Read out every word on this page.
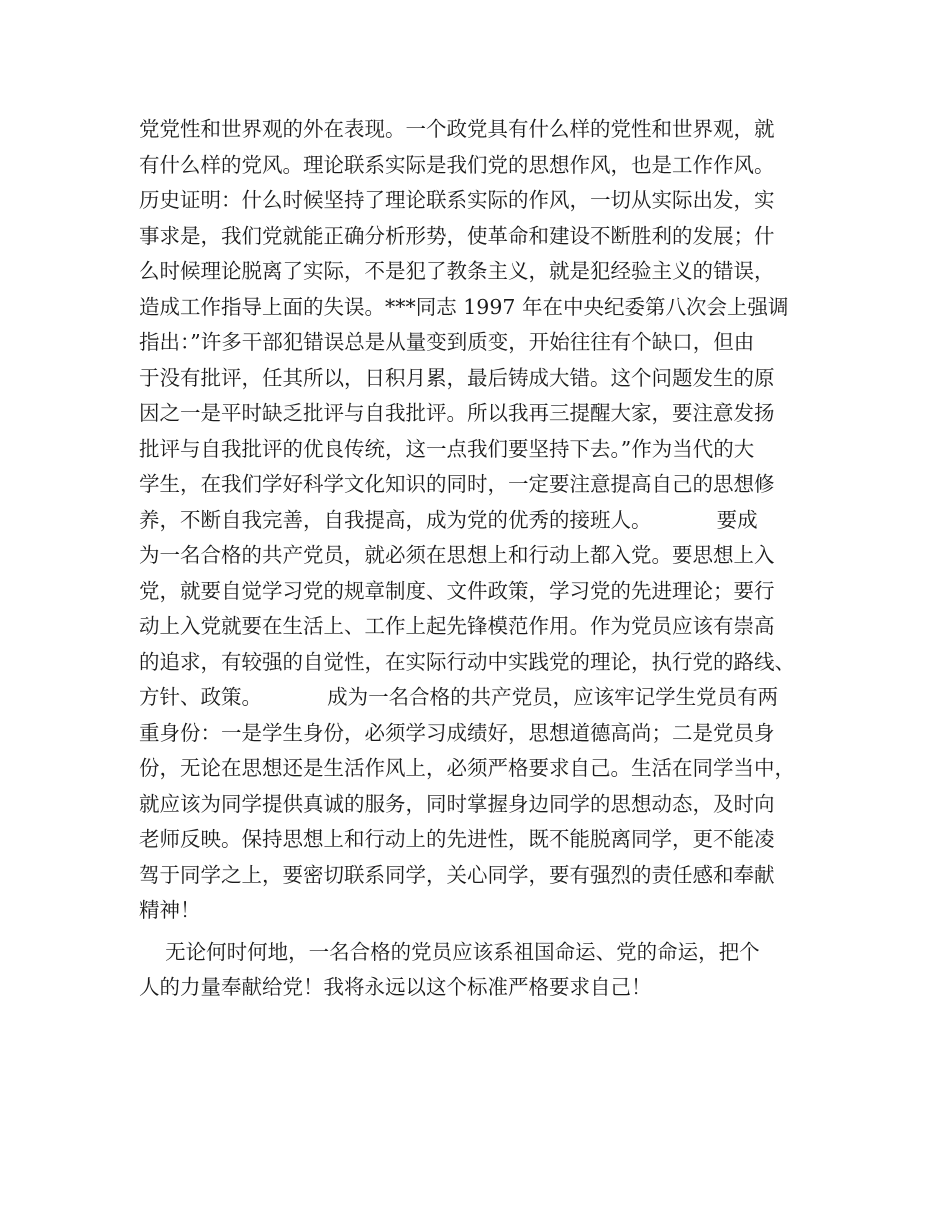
党党性和世界观的外在表现。一个政党具有什么样的党性和世界观，就
有什么样的党风。理论联系实际是我们党的思想作风，也是工作作风。
历史证明：什么时候坚持了理论联系实际的作风，一切从实际出发，实
事求是，我们党就能正确分析形势，使革命和建设不断胜利的发展；什
么时候理论脱离了实际，不是犯了教条主义，就是犯经验主义的错误，
造成工作指导上面的失误。***同志 1997 年在中央纪委第八次会上强调
指出：”许多干部犯错误总是从量变到质变，开始往往有个缺口，但由
于没有批评，任其所以，日积月累，最后铸成大错。这个问题发生的原
因之一是平时缺乏批评与自我批评。所以我再三提醒大家，要注意发扬
批评与自我批评的优良传统，这一点我们要坚持下去。”作为当代的大
学生，在我们学好科学文化知识的同时，一定要注意提高自己的思想修
养，不断自我完善，自我提高，成为党的优秀的接班人。          要成
为一名合格的共产党员，就必须在思想上和行动上都入党。要思想上入
党，就要自觉学习党的规章制度、文件政策，学习党的先进理论；要行
动上入党就要在生活上、工作上起先锋模范作用。作为党员应该有崇高
的追求，有较强的自觉性，在实际行动中实践党的理论，执行党的路线、
方针、政策。          成为一名合格的共产党员，应该牢记学生党员有两
重身份：一是学生身份，必须学习成绩好，思想道德高尚；二是党员身
份，无论在思想还是生活作风上，必须严格要求自己。生活在同学当中，
就应该为同学提供真诚的服务，同时掌握身边同学的思想动态，及时向
老师反映。保持思想上和行动上的先进性，既不能脱离同学，更不能凌
驾于同学之上，要密切联系同学，关心同学，要有强烈的责任感和奉献
精神！
无论何时何地，一名合格的党员应该系祖国命运、党的命运，把个
人的力量奉献给党！我将永远以这个标准严格要求自己！
